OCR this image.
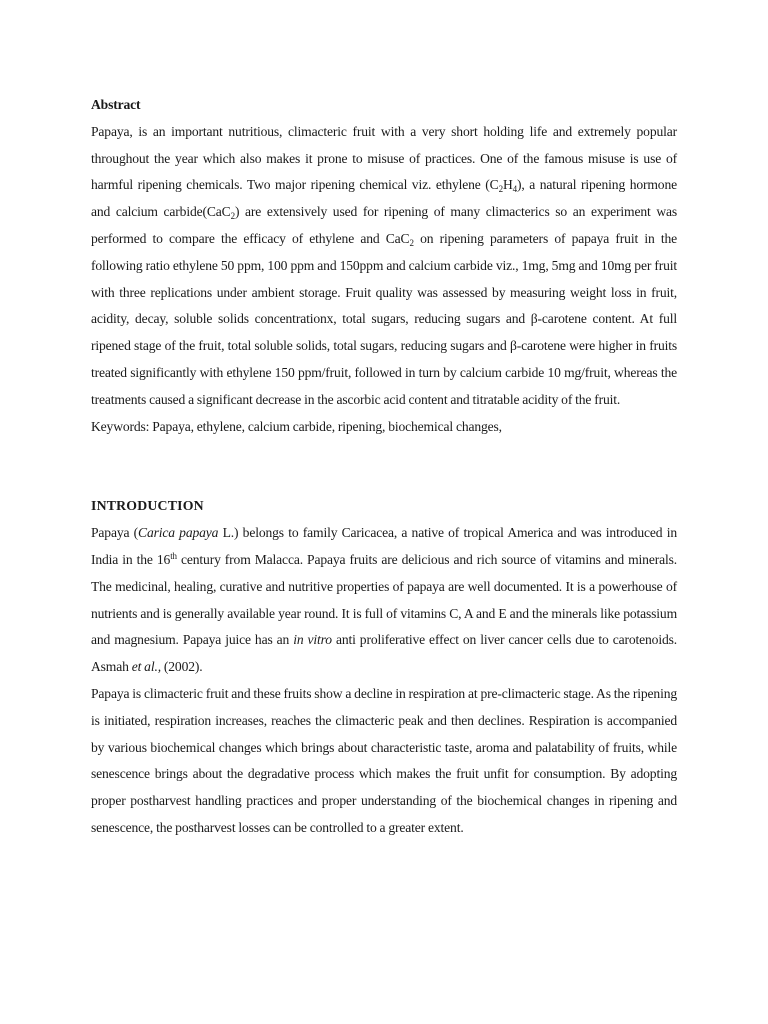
Abstract

Papaya, is an important nutritious, climacteric fruit with a very short holding life and extremely popular throughout the year which also makes it prone to misuse of practices. One of the famous misuse is use of harmful ripening chemicals. Two major ripening chemical viz. ethylene $(C_2H_4)$, a natural ripening hormone and calcium carbide(CaC$_2$) are extensively used for ripening of many climacterics so an experiment was performed to compare the efficacy of ethylene and CaC$_2$ on ripening parameters of papaya fruit in the following ratio ethylene 50 ppm, 100 ppm and 150ppm and calcium carbide viz., 1mg, 5mg and 10mg per fruit with three replications under ambient storage. Fruit quality was assessed by measuring weight loss in fruit, acidity, decay, soluble solids concentrationx, total sugars, reducing sugars and β-carotene content. At full ripened stage of the fruit, total soluble solids, total sugars, reducing sugars and β-carotene were higher in fruits treated significantly with ethylene 150 ppm/fruit, followed in turn by calcium carbide 10 mg/fruit, whereas the treatments caused a significant decrease in the ascorbic acid content and titratable acidity of the fruit.

Keywords: Papaya, ethylene, calcium carbide, ripening, biochemical changes,

INTRODUCTION

Papaya (Carica papaya L.) belongs to family Caricacea, a native of tropical America and was introduced in India in the 16th century from Malacca. Papaya fruits are delicious and rich source of vitamins and minerals. The medicinal, healing, curative and nutritive properties of papaya are well documented. It is a powerhouse of nutrients and is generally available year round. It is full of vitamins C, A and E and the minerals like potassium and magnesium. Papaya juice has an in vitro anti proliferative effect on liver cancer cells due to carotenoids. Asmah et al., (2002).

Papaya is climacteric fruit and these fruits show a decline in respiration at pre-climacteric stage. As the ripening is initiated, respiration increases, reaches the climacteric peak and then declines. Respiration is accompanied by various biochemical changes which brings about characteristic taste, aroma and palatability of fruits, while senescence brings about the degradative process which makes the fruit unfit for consumption. By adopting proper postharvest handling practices and proper understanding of the biochemical changes in ripening and senescence, the postharvest losses can be controlled to a greater extent.
